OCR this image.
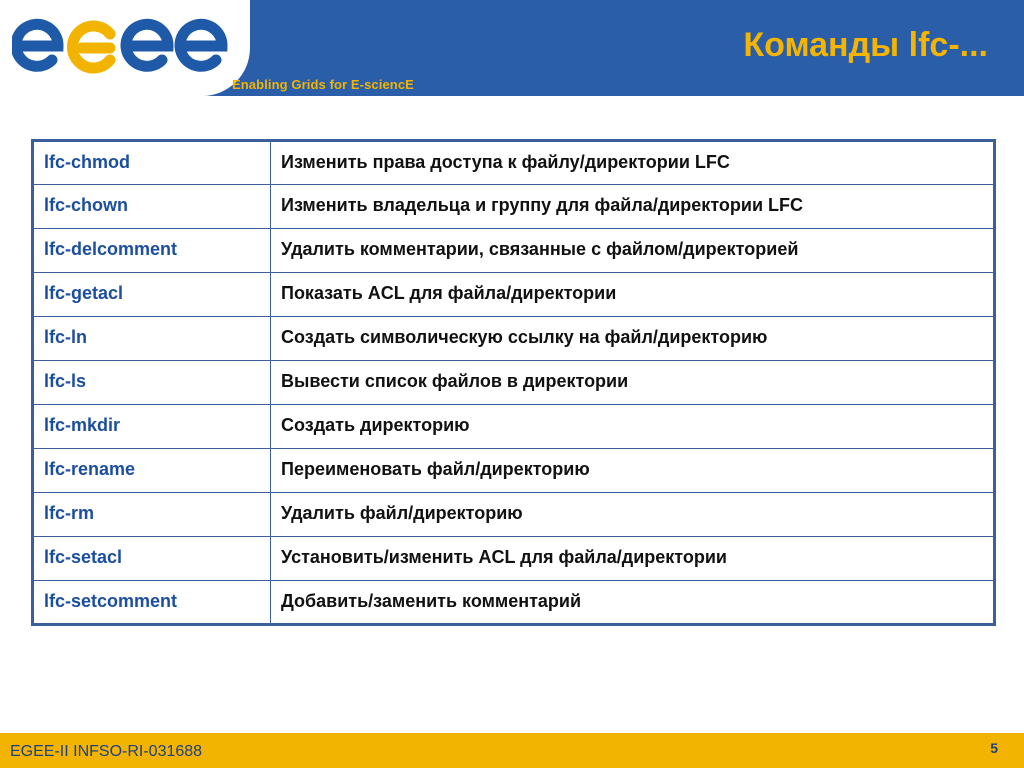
Enabling Grids for E-sciencE
Команды lfc-...
lfc-chmod	Изменить права доступа к файлу/директории LFC
lfc-chown	Изменить владельца и группу для файла/директории LFC
lfc-delcomment	Удалить комментарии, связанные с файлом/директорией
lfc-getacl	Показать ACL для файла/директории
lfc-ln	Создать символическую ссылку на файл/директорию
lfc-ls	Вывести список файлов в директории
lfc-mkdir	Создать директорию
lfc-rename	Переименовать файл/директорию
lfc-rm	Удалить файл/директорию
lfc-setacl	Установить/изменить ACL для файла/директории
lfc-setcomment	Добавить/заменить комментарий
EGEE-II INFSO-RI-031688	5
